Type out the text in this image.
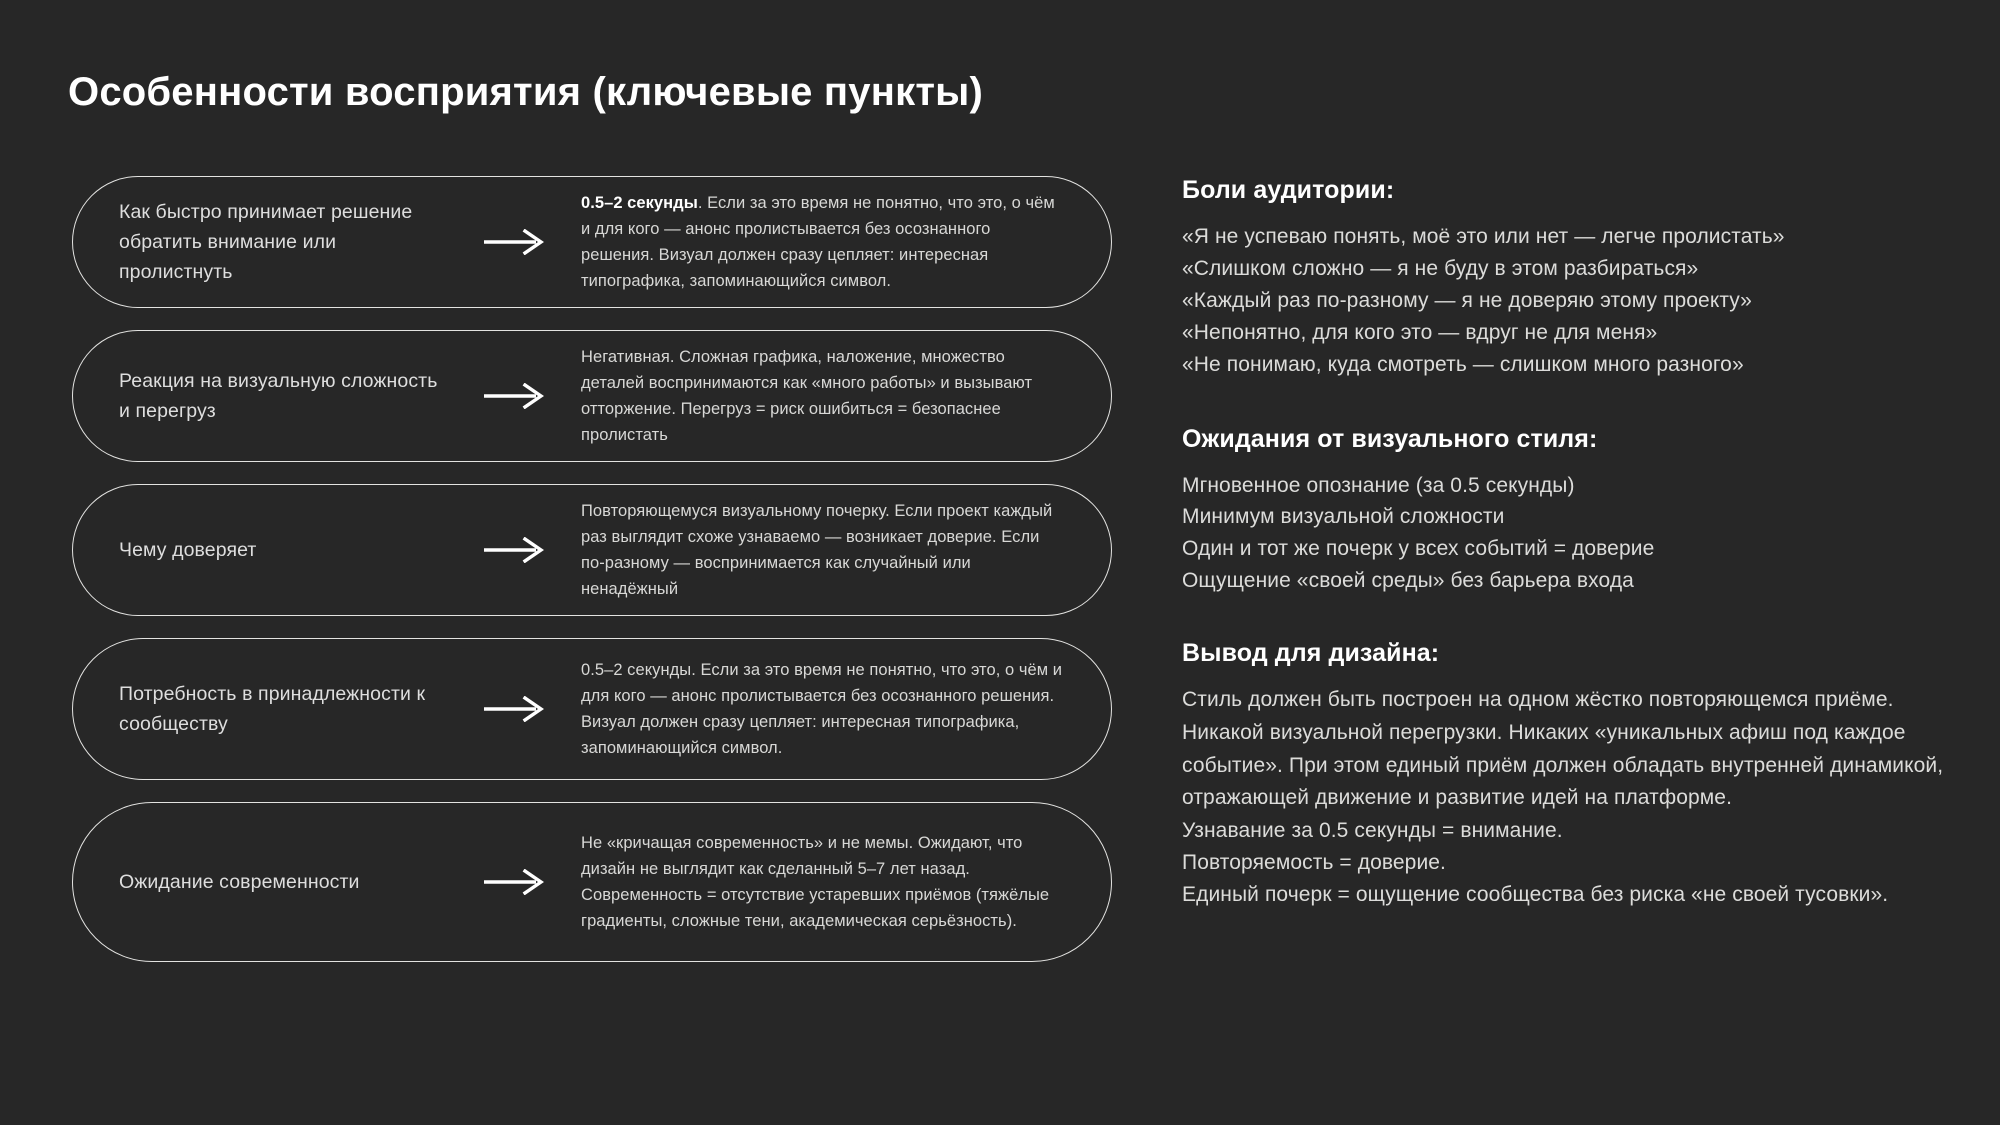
Особенности восприятия (ключевые пункты)
Как быстро принимает решение обратить внимание или пролистнуть
0.5–2 секунды. Если за это время не понятно, что это, о чём и для кого — анонс пролистывается без осознанного решения. Визуал должен сразу цепляет: интересная типографика, запоминающийся символ.
Реакция на визуальную сложность и перегруз
Негативная. Сложная графика, наложение, множество деталей воспринимаются как «много работы» и вызывают отторжение. Перегруз = риск ошибиться = безопаснее пролистать
Чему доверяет
Повторяющемуся визуальному почерку. Если проект каждый раз выглядит схоже узнаваемо — возникает доверие. Если по-разному — воспринимается как случайный или ненадёжный
Потребность в принадлежности к сообществу
0.5–2 секунды. Если за это время не понятно, что это, о чём и для кого — анонс пролистывается без осознанного решения. Визуал должен сразу цепляет: интересная типографика, запоминающийся символ.
Ожидание современности
Не «кричащая современность» и не мемы. Ожидают, что дизайн не выглядит как сделанный 5–7 лет назад. Современность = отсутствие устаревших приёмов (тяжёлые градиенты, сложные тени, академическая серьёзность).
Боли аудитории:
«Я не успеваю понять, моё это или нет — легче пролистать»
«Слишком сложно — я не буду в этом разбираться»
«Каждый раз по-разному — я не доверяю этому проекту»
«Непонятно, для кого это — вдруг не для меня»
«Не понимаю, куда смотреть — слишком много разного»
Ожидания от визуального стиля:
Мгновенное опознание (за 0.5 секунды)
Минимум визуальной сложности
Один и тот же почерк у всех событий = доверие
Ощущение «своей среды» без барьера входа
Вывод для дизайна:
Стиль должен быть построен на одном жёстко повторяющемся приёме. Никакой визуальной перегрузки. Никаких «уникальных афиш под каждое событие». При этом единый приём должен обладать внутренней динамикой, отражающей движение и развитие идей на платформе.
Узнавание за 0.5 секунды = внимание.
Повторяемость = доверие.
Единый почерк = ощущение сообщества без риска «не своей тусовки».
